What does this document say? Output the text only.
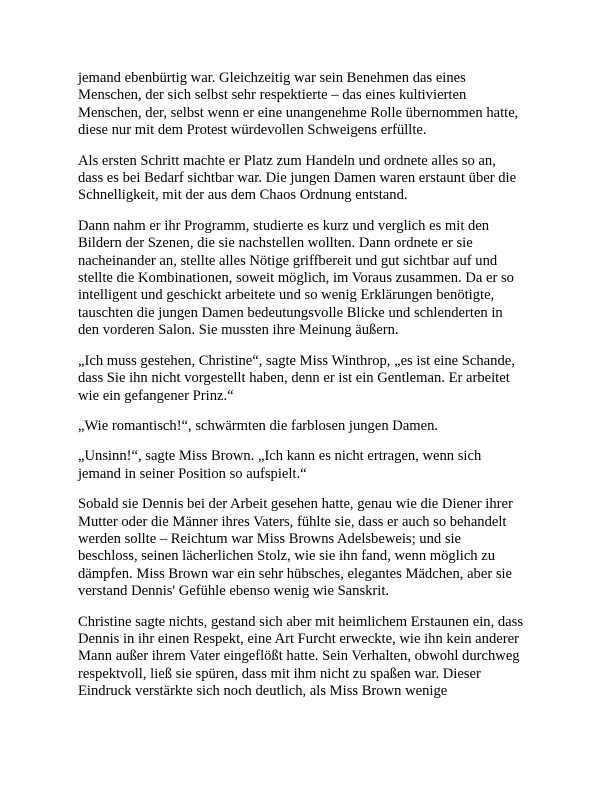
jemand ebenbürtig war. Gleichzeitig war sein Benehmen das eines
Menschen, der sich selbst sehr respektierte – das eines kultivierten
Menschen, der, selbst wenn er eine unangenehme Rolle übernommen hatte,
diese nur mit dem Protest würdevollen Schweigens erfüllte.

Als ersten Schritt machte er Platz zum Handeln und ordnete alles so an,
dass es bei Bedarf sichtbar war. Die jungen Damen waren erstaunt über die
Schnelligkeit, mit der aus dem Chaos Ordnung entstand.

Dann nahm er ihr Programm, studierte es kurz und verglich es mit den
Bildern der Szenen, die sie nachstellen wollten. Dann ordnete er sie
nacheinander an, stellte alles Nötige griffbereit und gut sichtbar auf und
stellte die Kombinationen, soweit möglich, im Voraus zusammen. Da er so
intelligent und geschickt arbeitete und so wenig Erklärungen benötigte,
tauschten die jungen Damen bedeutungsvolle Blicke und schlenderten in
den vorderen Salon. Sie mussten ihre Meinung äußern.

„Ich muss gestehen, Christine“, sagte Miss Winthrop, „es ist eine Schande,
dass Sie ihn nicht vorgestellt haben, denn er ist ein Gentleman. Er arbeitet
wie ein gefangener Prinz.“

„Wie romantisch!“, schwärmten die farblosen jungen Damen.

„Unsinn!“, sagte Miss Brown. „Ich kann es nicht ertragen, wenn sich
jemand in seiner Position so aufspielt.“

Sobald sie Dennis bei der Arbeit gesehen hatte, genau wie die Diener ihrer
Mutter oder die Männer ihres Vaters, fühlte sie, dass er auch so behandelt
werden sollte – Reichtum war Miss Browns Adelsbeweis; und sie
beschloss, seinen lächerlichen Stolz, wie sie ihn fand, wenn möglich zu
dämpfen. Miss Brown war ein sehr hübsches, elegantes Mädchen, aber sie
verstand Dennis' Gefühle ebenso wenig wie Sanskrit.

Christine sagte nichts, gestand sich aber mit heimlichem Erstaunen ein, dass
Dennis in ihr einen Respekt, eine Art Furcht erweckte, wie ihn kein anderer
Mann außer ihrem Vater eingeflößt hatte. Sein Verhalten, obwohl durchweg
respektvoll, ließ sie spüren, dass mit ihm nicht zu spaßen war. Dieser
Eindruck verstärkte sich noch deutlich, als Miss Brown wenige
